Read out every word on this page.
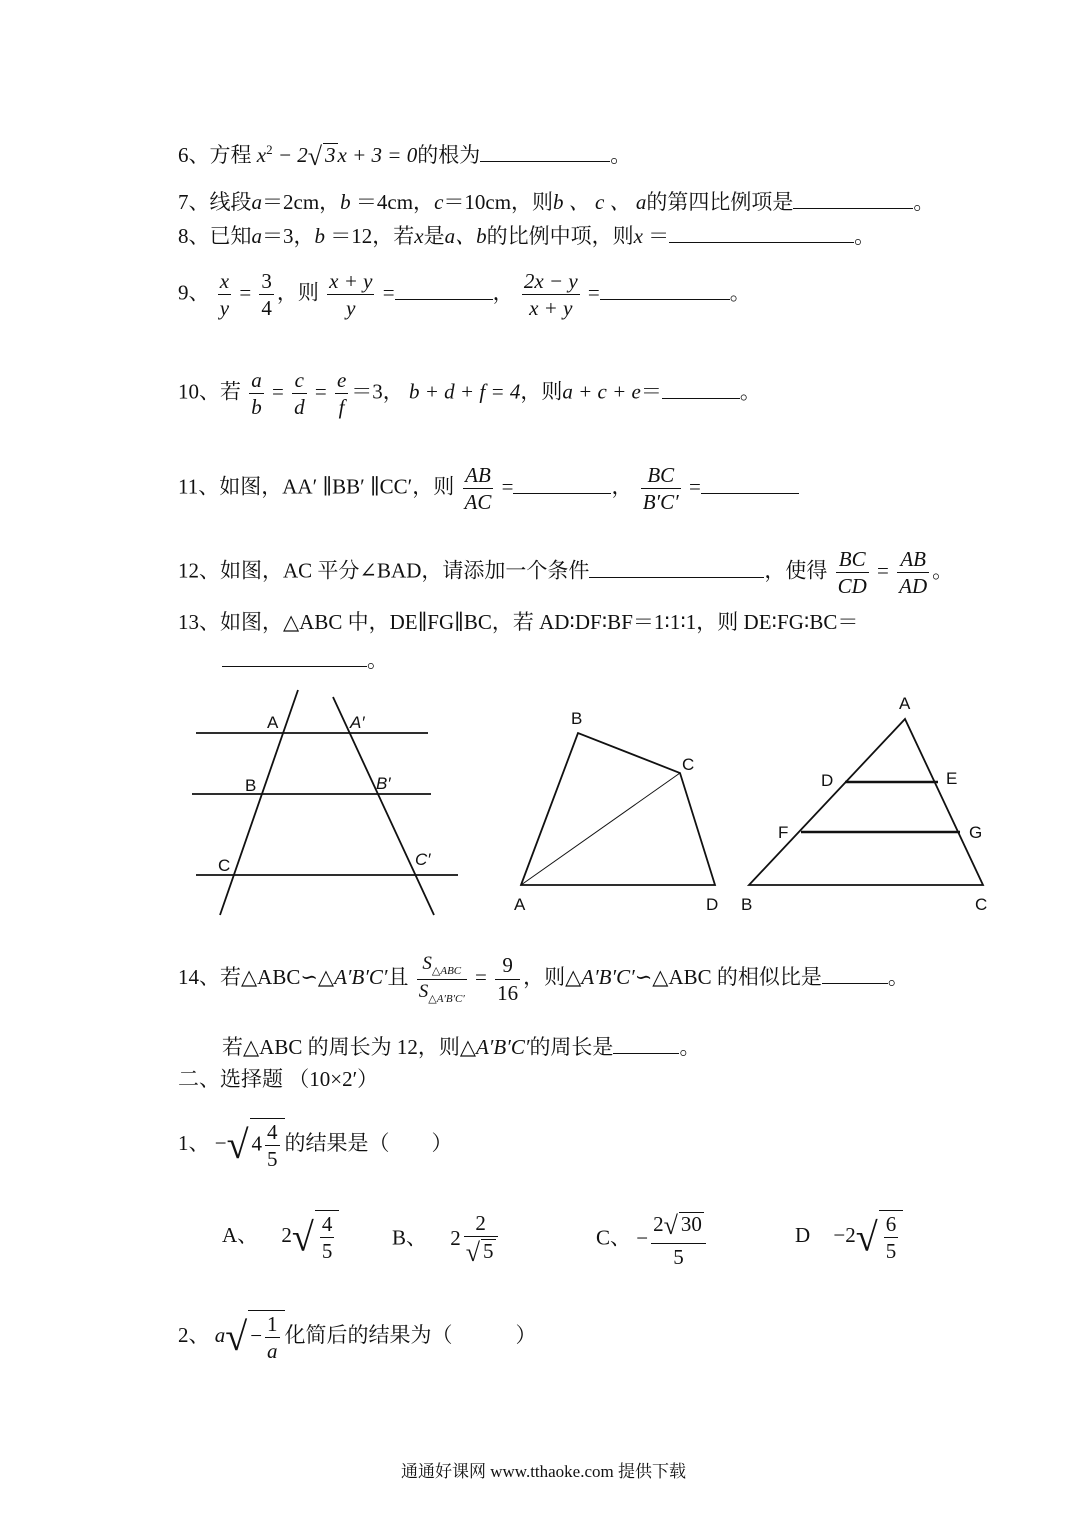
6、方程 $x^2 - 2√$ 3x + 3 = 0的根为	。
7、线段a＝2cm，b ＝4cm，c＝10cm，则b 、 c 、 a的第四比例项是	。
8、已知a＝3，b ＝12，若x是a、b的比例中项，则x ＝	。
9、 $\frac{x}{y} = \frac{3}{4}$ ，则 $\frac{x + y}{y}$ =	， $\frac{2x - y}{x + y}$ =	。
10、若 $\frac{a}{b} = \frac{c}{d} = \frac{e}{f} =3$， b + d + f = 4，则a + c + e＝	。
11、如图，AA′ ∥BB′ ∥CC′，则 $\frac{AB}{AC}$ =	， $\frac{BC}{B'C'}$ =
12、如图，AC 平分∠BAD，请添加一个条件	，使得 $\frac{BC}{CD} = \frac{AB}{AD}$ 。
13、如图，△ABC 中，DE∥FG∥BC，若 AD∶DF∶BF＝1∶1∶1，则 DE∶FG∶BC＝
。
A
B
C
A′
B′
C′
B
C
A	D
A
D	E
F	G
B	C
14、若△ABC∽△A′B′C′且 $\frac{S_{\triangle ABC}}{S_{\triangle A'B'C'}} = \frac{9}{16}$ ，则△A′B′C′∽△ABC 的相似比是	。
若△ABC 的周长为 12，则△A′B′C′的周长是	。
二、选择题 （10×2′）
1、 −√ $4 \frac{4}{5}$ 的结果是（　　）
A、 $2√ \frac{4}{5}$	B、 $2 \frac{2}{√ 5}$	C、 − $\frac{2√ 30}{5}$	$D -2√ \frac{6}{5}$
2、 $a√ - \frac{1}{a}$ 化简后的结果为（　　　）
通通好课网 www.tthaoke.com 提供下载
